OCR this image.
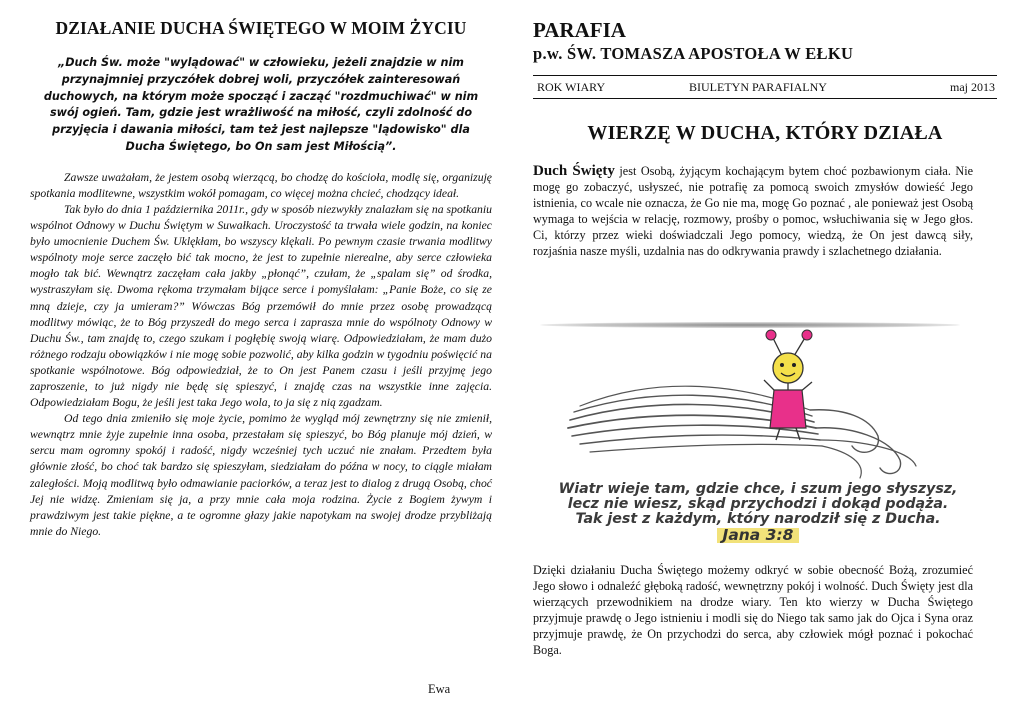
DZIAŁANIE DUCHA ŚWIĘTEGO W MOIM ŻYCIU
„Duch Św. może "wylądować" w człowieku, jeżeli znajdzie w nim przynajmniej przyczółek dobrej woli, przyczółek zainteresowań duchowych, na którym może spocząć i zacząć "rozdmuchiwać" w nim swój ogień. Tam, gdzie jest wrażliwość na miłość, czyli zdolność do przyjęcia i dawania miłości, tam też jest najlepsze "lądowisko" dla Ducha Świętego, bo On sam jest Miłością”.

Zawsze uważałam, że jestem osobą wierzącą, bo chodzę do kościoła, modlę się, organizuję spotkania modlitewne, wszystkim wokół pomagam, co więcej można chcieć, chodzący ideał.

Tak było do dnia 1 października 2011r., gdy w sposób niezwykły znalazłam się na spotkaniu wspólnot Odnowy w Duchu Świętym w Suwałkach. Uroczystość ta trwała wiele godzin, na koniec było umocnienie Duchem Św. Uklękłam, bo wszyscy klękali. Po pewnym czasie trwania modlitwy wspólnoty moje serce zaczęło bić tak mocno, że jest to zupełnie nierealne, aby serce człowieka mogło tak bić. Wewnątrz zaczęłam cała jakby „płonąć”, czułam, że „spalam się” od środka, wystraszyłam się. Dwoma rękoma trzymałam bijące serce i pomyślałam: „Panie Boże, co się ze mną dzieje, czy ja umieram?” Wówczas Bóg przemówił do mnie przez osobę prowadzącą modlitwy mówiąc, że to Bóg przyszedł do mego serca i zaprasza mnie do wspólnoty Odnowy w Duchu Św., tam znajdę to, czego szukam i pogłębię swoją wiarę. Odpowiedziałam, że mam dużo różnego rodzaju obowiązków i nie mogę sobie pozwolić, aby kilka godzin w tygodniu poświęcić na spotkanie wspólnotowe. Bóg odpowiedział, że to On jest Panem czasu i jeśli przyjmę jego zaproszenie, to już nigdy nie będę się spieszyć, i znajdę czas na wszystkie inne zajęcia. Odpowiedziałam Bogu, że jeśli jest taka Jego wola, to ja się z nią zgadzam.

Od tego dnia zmieniło się moje życie, pomimo że wygląd mój zewnętrzny się nie zmienił, wewnątrz mnie żyje zupełnie inna osoba, przestałam się spieszyć, bo Bóg planuje mój dzień, w sercu mam ogromny spokój i radość, nigdy wcześniej tych uczuć nie znałam. Przedtem była głównie złość, bo choć tak bardzo się spieszyłam, siedziałam do późna w nocy, to ciągle miałam zaległości. Moją modlitwą było odmawianie paciorków, a teraz jest to dialog z drugą Osobą, choć Jej nie widzę. Zmieniam się ja, a przy mnie cała moja rodzina. Życie z Bogiem żywym i prawdziwym jest takie piękne, a te ogromne głazy jakie napotykam na swojej drodze przybliżają mnie do Niego.

Ewa
PARAFIA
p.w. ŚW. TOMASZA APOSTOŁA W EŁKU
ROK WIARY	BIULETYN PARAFIALNY	maj 2013
WIERZĘ W DUCHA, KTÓRY DZIAŁA
Duch Święty jest Osobą, żyjącym kochającym bytem choć pozbawionym ciała. Nie mogę go zobaczyć, usłyszeć, nie potrafię za pomocą swoich zmysłów dowieść Jego istnienia, co wcale nie oznacza, że Go nie ma, mogę Go poznać , ale ponieważ jest Osobą wymaga to wejścia w relację, rozmowy, prośby o pomoc, wsłuchiwania się w Jego głos. Ci, którzy przez wieki doświadczali Jego pomocy, wiedzą, że On jest dawcą siły, rozjaśnia nasze myśli, uzdalnia nas do odkrywania prawdy i szlachetnego działania.
Wiatr wieje tam, gdzie chce, i szum jego słyszysz,
lecz nie wiesz, skąd przychodzi i dokąd podąża.
Tak jest z każdym, który narodził się z Ducha.
Jana 3:8
Dzięki działaniu Ducha Świętego możemy odkryć w sobie obecność Bożą, zrozumieć Jego słowo i odnaleźć głęboką radość, wewnętrzny pokój i wolność. Duch Święty jest dla wierzących przewodnikiem na drodze wiary. Ten kto wierzy w Ducha Świętego przyjmuje prawdę o Jego istnieniu i modli się do Niego tak samo jak do Ojca i Syna oraz przyjmuje prawdę, że On przychodzi do serca, aby człowiek mógł poznać i pokochać Boga.
